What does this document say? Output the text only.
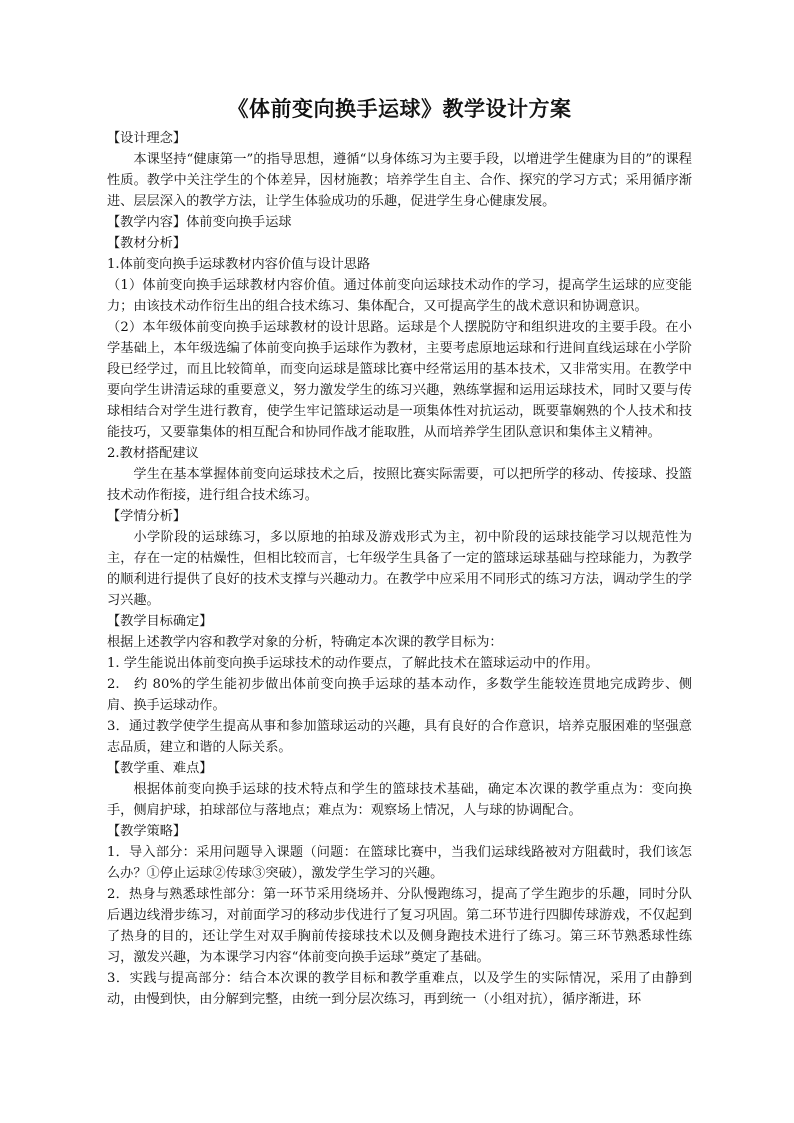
《体前变向换手运球》教学设计方案

【设计理念】

本课坚持“健康第一”的指导思想，遵循“以身体练习为主要手段，以增进学生健康为目的”的课程性质。教学中关注学生的个体差异，因材施教；培养学生自主、合作、探究的学习方式；采用循序渐进、层层深入的教学方法，让学生体验成功的乐趣，促进学生身心健康发展。

【教学内容】体前变向换手运球

【教材分析】

1.体前变向换手运球教材内容价值与设计思路

（1）体前变向换手运球教材内容价值。通过体前变向运球技术动作的学习，提高学生运球的应变能力；由该技术动作衍生出的组合技术练习、集体配合，又可提高学生的战术意识和协调意识。

（2）本年级体前变向换手运球教材的设计思路。运球是个人摆脱防守和组织进攻的主要手段。在小学基础上，本年级选编了体前变向换手运球作为教材，主要考虑原地运球和行进间直线运球在小学阶段已经学过，而且比较简单，而变向运球是篮球比赛中经常运用的基本技术，又非常实用。在教学中要向学生讲清运球的重要意义，努力激发学生的练习兴趣，熟练掌握和运用运球技术，同时又要与传球相结合对学生进行教育，使学生牢记篮球运动是一项集体性对抗运动，既要靠娴熟的个人技术和技能技巧，又要靠集体的相互配合和协同作战才能取胜，从而培养学生团队意识和集体主义精神。

2.教材搭配建议

学生在基本掌握体前变向运球技术之后，按照比赛实际需要，可以把所学的移动、传接球、投篮技术动作衔接，进行组合技术练习。

【学情分析】

小学阶段的运球练习，多以原地的拍球及游戏形式为主，初中阶段的运球技能学习以规范性为主，存在一定的枯燥性，但相比较而言，七年级学生具备了一定的篮球运球基础与控球能力，为教学的顺利进行提供了良好的技术支撑与兴趣动力。在教学中应采用不同形式的练习方法，调动学生的学习兴趣。

【教学目标确定】

根据上述教学内容和教学对象的分析，特确定本次课的教学目标为：

1. 学生能说出体前变向换手运球技术的动作要点，了解此技术在篮球运动中的作用。

2.　约 80%的学生能初步做出体前变向换手运球的基本动作，多数学生能较连贯地完成跨步、侧肩、换手运球动作。

3．通过教学使学生提高从事和参加篮球运动的兴趣，具有良好的合作意识，培养克服困难的坚强意志品质，建立和谐的人际关系。

【教学重、难点】

根据体前变向换手运球的技术特点和学生的篮球技术基础，确定本次课的教学重点为：变向换手，侧肩护球，拍球部位与落地点；难点为：观察场上情况，人与球的协调配合。

【教学策略】

1．导入部分：采用问题导入课题（问题：在篮球比赛中，当我们运球线路被对方阻截时，我们该怎么办？①停止运球②传球③突破），激发学生学习的兴趣。

2．热身与熟悉球性部分：第一环节采用绕场并、分队慢跑练习，提高了学生跑步的乐趣，同时分队后遇边线滑步练习，对前面学习的移动步伐进行了复习巩固。第二环节进行四脚传球游戏，不仅起到了热身的目的，还让学生对双手胸前传接球技术以及侧身跑技术进行了练习。第三环节熟悉球性练习，激发兴趣，为本课学习内容“体前变向换手运球”奠定了基础。

3．实践与提高部分：结合本次课的教学目标和教学重难点，以及学生的实际情况，采用了由静到动，由慢到快，由分解到完整，由统一到分层次练习，再到统一（小组对抗），循序渐进，环
